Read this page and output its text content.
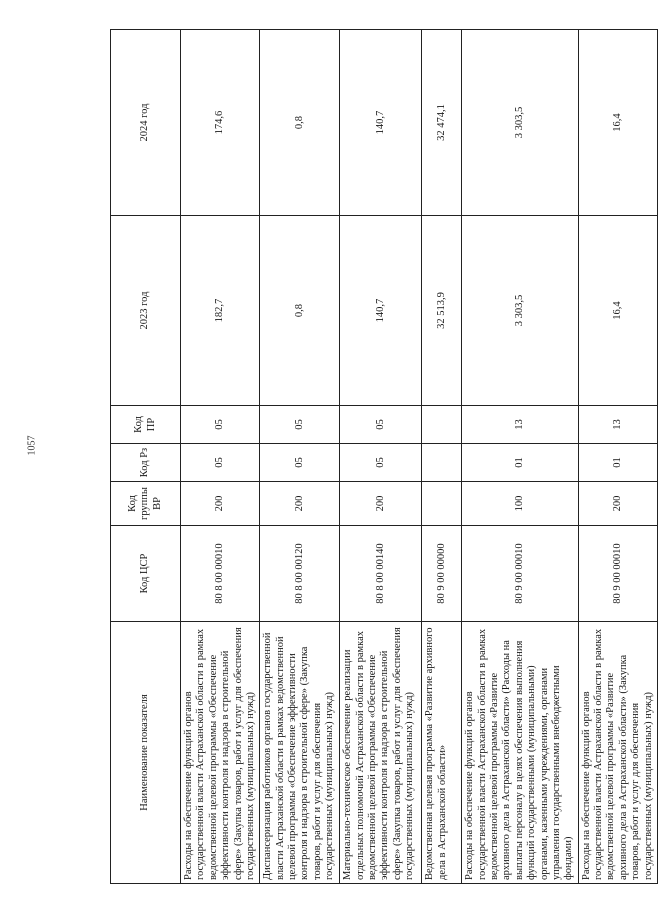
1057
Наименование показателя	Код ЦСР	Код группы ВР	Код Рз	Код ПР	2023 год	2024 год
Расходы на обеспечение функций органов государственной власти Астраханской области в рамках ведомственной целевой программы «Обеспечение эффективности контроля и надзора в строительной сфере» (Закупка товаров, работ и услуг для обеспечения государственных (муниципальных) нужд)	80 8 00 00010	200	05	05	182,7	174,6
Диспансеризация работников органов государственной власти Астраханской области в рамках ведомственной целевой программы «Обеспечение эффективности контроля и надзора в строительной сфере» (Закупка товаров, работ и услуг для обеспечения государственных (муниципальных) нужд)	80 8 00 00120	200	05	05	0,8	0,8
Материально-техническое обеспечение реализации отдельных полномочий Астраханской области в рамках ведомственной целевой программы «Обеспечение эффективности контроля и надзора в строительной сфере» (Закупка товаров, работ и услуг для обеспечения государственных (муниципальных) нужд)	80 8 00 00140	200	05	05	140,7	140,7
Ведомственная целевая программа «Развитие архивного дела в Астраханской области»	80 9 00 00000				32 513,9	32 474,1
Расходы на обеспечение функций органов государственной власти Астраханской области в рамках ведомственной целевой программы «Развитие архивного дела в Астраханской области» (Расходы на выплаты персоналу в целях обеспечения выполнения функций государственными (муниципальными) органами, казенными учреждениями, органами управления государственными внебюджетными фондами)	80 9 00 00010	100	01	13	3 303,5	3 303,5
Расходы на обеспечение функций органов государственной власти Астраханской области в рамках ведомственной целевой программы «Развитие архивного дела в Астраханской области» (Закупка товаров, работ и услуг для обеспечения государственных (муниципальных) нужд)	80 9 00 00010	200	01	13	16,4	16,4
